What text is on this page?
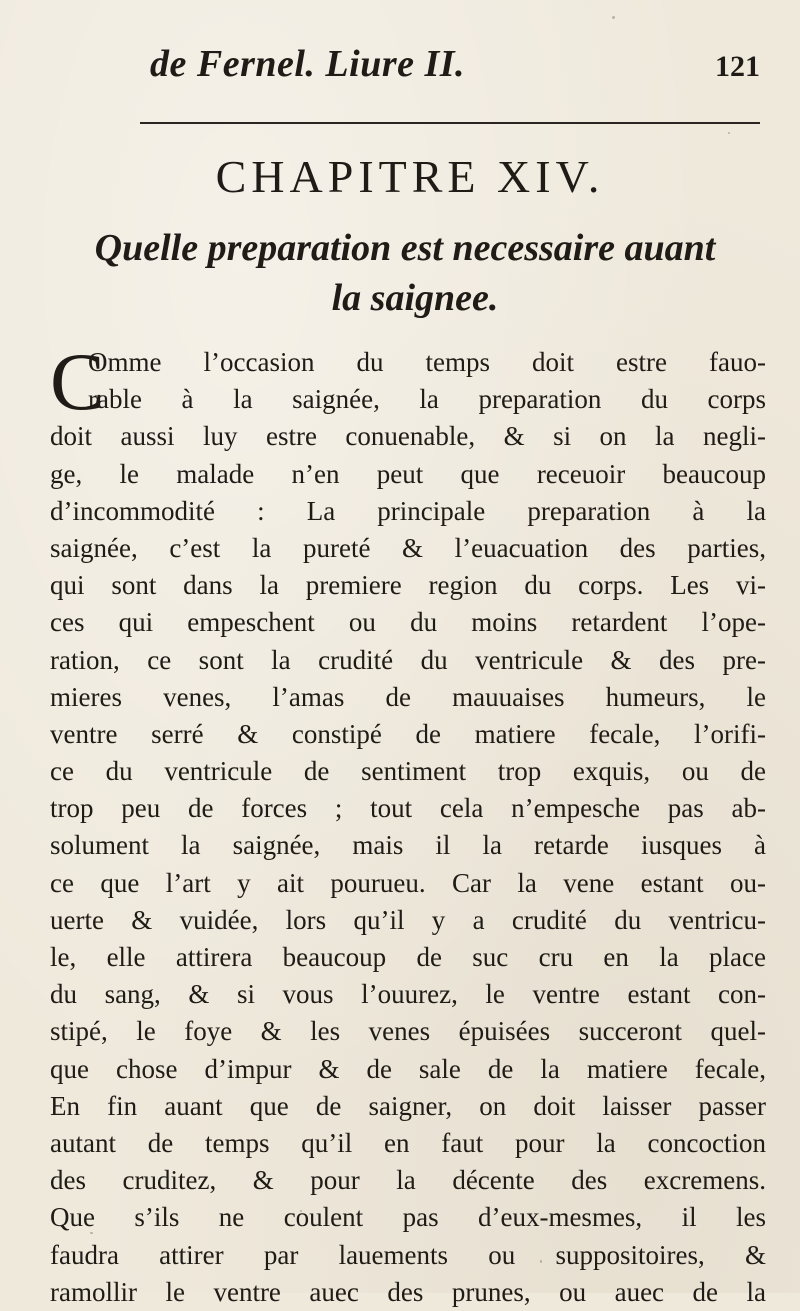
de Fernel. Liure II.	121
CHAPITRE XIV.
Quelle preparation est necessaire auant
la saignee.
C
Omme l’occasion du temps doit estre fauo-
rable à la saignée, la preparation du corps
doit aussi luy estre conuenable, & si on la negli-
ge, le malade n’en peut que receuoir beaucoup
d’incommodité : La principale preparation à la
saignée, c’est la pureté & l’euacuation des parties,
qui sont dans la premiere region du corps. Les vi-
ces qui empeschent ou du moins retardent l’ope-
ration, ce sont la crudité du ventricule & des pre-
mieres venes, l’amas de mauuaises humeurs, le
ventre serré & constipé de matiere fecale, l’orifi-
ce du ventricule de sentiment trop exquis, ou de
trop peu de forces ; tout cela n’empesche pas ab-
solument la saignée, mais il la retarde iusques à
ce que l’art y ait pourueu. Car la vene estant ou-
uerte & vuidée, lors qu’il y a crudité du ventricu-
le, elle attirera beaucoup de suc cru en la place
du sang, & si vous l’ouurez, le ventre estant con-
stipé, le foye & les venes épuisées succeront quel-
que chose d’impur & de sale de la matiere fecale,
En fin auant que de saigner, on doit laisser passer
autant de temps qu’il en faut pour la concoction
des cruditez, & pour la décente des excremens.
Que s’ils ne coulent pas d’eux-mesmes, il les
faudra attirer par lauements ou suppositoires, &
ramollir le ventre auec des prunes, ou auec de la
